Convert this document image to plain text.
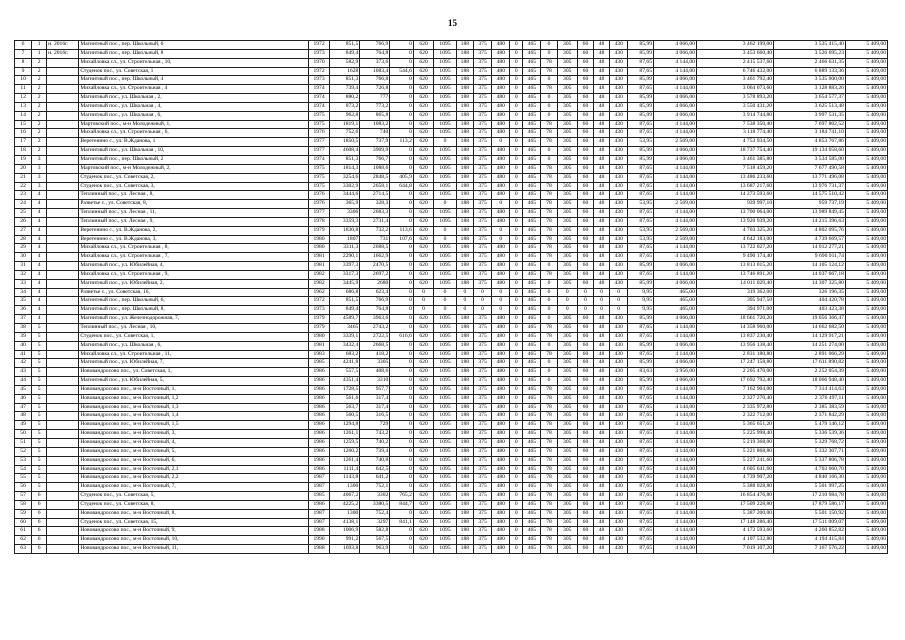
15
6	1	н. 2016г.	Магнитный пос., пер. Школьный, 6	1972	851,5	766,9	0	620	1095	188	375	480	0	465	0	305	60	48	430	85,99	4 066,00	3 462 199,00	3 535 415,40	5 409,00
7	1	н. 2016г.	Магнитный пос., пер. Школьный, 8	1973	849,4	764,8	0	620	1095	188	375	480	0	465	0	305	60	48	430	85,99	4 066,00	3 453 660,40	3 526 695,23	5 409,00
8	2		Михайловка сл., ул. Строительная , 10,	1970	582,9	373,6	0	620	1095	188	375	480	0	465	78	305	60	48	430	87,65	4 144,00	2 415 537,60	2 466 631,35	5 409,00
9	2		Студенок пос., ул. Советская, 1	1972	1628	1083,4	544,6	620	1095	188	375	480	0	465	78	305	60	48	430	87,65	4 144,00	6 746 432,00	6 889 133,36	5 409,00
10	2		Магнитный пос., пер. Школьный, 4	1973	851,3	766,8	0	620	1095	188	375	480	0	465	0	305	60	48	430	85,99	4 066,00	3 461 792,40	3 535 000,00	5 409,00
11	2		Михайловка сл., ул. Строительная , 4	1974	739,4	726,8	0	620	1095	188	375	480	0	465	78	305	60	48	430	87,65	4 144,00	3 064 073,60	3 128 883,26	5 409,00
12	2		Магнитный пос., ул. Школьная , 2,	1974	880,2	777	0	620	1095	188	375	480	0	465	0	305	60	48	430	85,99	4 066,00	3 578 893,20	3 654 577,37	5 409,00
13	2		Магнитный пос., ул. Школьная , 4,	1974	873,2	773,2	0	620	1095	188	375	480	0	465	0	305	60	48	430	85,99	4 066,00	3 550 431,20	3 625 513,48	5 409,00
14	2		Магнитный пос., ул. Школьная , 6,	1975	962,8	865,8	0	620	1095	188	375	480	0	465	0	305	60	48	430	85,99	4 066,00	3 914 744,80	3 997 531,35	5 409,00
15	2		Мартовский пос., м-н Молодежный, 1,	1975	1819,1	1083,2	0	620	1095	188	375	480	0	465	78	305	60	48	430	87,65	4 144,00	7 538 350,40	7 697 802,52	5 409,00
16	2		Михайловка сл., ул. Строительная , 6,	1976	752,6	740	0	620	1095	188	375	480	0	465	78	305	60	48	430	87,65	4 144,00	3 118 774,40	3 184 741,10	5 409,00
17	2		Веретенино с., ул. В.Жданова, 1	1977	1850,5	737,9	113,2	620	0	188	375	0	0	465	78	305	60	48	430	53,95	2 569,00	4 753 934,50	4 853 767,86	5 409,00
18	2		Магнитный пос., ул. Школьная , 10,	1977	4608,4	3909,9	0	620	1095	188	375	480	0	465	0	305	60	48	430	85,99	4 066,00	18 737 754,40	19 134 058,60	5 409,00
19	3		Магнитный пос., пер. Школьный, 2	1974	851,3	766,7	0	620	1095	188	375	480	0	465	0	305	60	48	430	85,99	4 066,00	3 461 385,80	3 534 585,00	5 409,00
20	3		Мартовский пос., м-н Молодежный, 2,	1975	1814,3	1088,6	0	620	1095	188	375	480	0	465	78	305	60	48	430	87,65	4 144,00	7 518 459,20	7 677 490,58	5 409,00
21	3		Студенок пос., ул. Советская, 2,	1975	3254,6	2848,5	405,9	620	1095	188	375	480	0	465	78	305	60	48	430	87,65	4 144,00	13 486 233,60	13 771 496,08	5 409,00
22	3		Студенок пос., ул. Советская, 3,	1975	3302,9	2658,1	644,8	620	1095	188	375	480	0	465	78	305	60	48	430	87,65	4 144,00	13 687 217,60	13 976 731,37	5 409,00
23	4		Теплинный пос., ул. Лесная , 8,	1976	3444,6	2714,5	0	620	1095	188	375	480	0	465	78	305	60	48	430	87,65	4 144,00	14 273 593,60	14 575 510,42	5 409,00
24	4		Разветье с., ул. Советская, 8,	1976	365,9	328,3	0	620	0	188	375	0	0	465	78	305	60	48	430	53,95	2 569,00	939 997,10	959 737,19	5 409,00
25	4		Теплинный пос., ул. Лесная , 11,	1977	3306	2683,3	0	620	1095	188	375	480	0	465	78	305	60	48	430	87,65	4 144,00	13 700 064,00	13 989 849,45	5 409,00
26	4		Теплинный пос., ул. Лесная , 9,	1978	3359,3	2731,4	0	620	1095	188	375	480	0	465	78	305	60	48	430	87,65	4 144,00	13 920 939,20	14 215 396,63	5 409,00
27	4		Веретенино с., ул. В.Жданова, 2,	1979	1830,8	732,2	113,6	620	0	188	375	0	0	465	78	305	60	48	430	53,95	2 569,00	4 703 325,20	4 802 095,76	5 409,00
28	4		Веретенино с., ул. В.Жданова, 3,	1980	1807	731	107,6	620	0	188	375	0	0	465	78	305	60	48	430	53,95	2 569,00	4 642 183,00	4 739 669,57	5 409,00
29	4		Михайловка сл., ул. Строительная , 8,	1980	3311,3	2688,5	0	620	1095	188	375	480	0	465	78	305	60	48	430	87,65	4 144,00	13 722 027,20	14 012 277,21	5 409,00
30	4		Михайловка сл., ул. Строительная , 7,	1981	2290,1	1662,9	0	620	1095	188	375	480	0	465	78	305	60	48	430	87,65	4 144,00	9 490 174,40	9 690 911,74	5 409,00
31	4		Магнитный пос., ул. Юбилейная, 4,	1981	3397,3	2470,5	0	620	1095	188	375	480	0	465	0	305	60	48	430	85,99	4 066,00	13 813 015,20	14 105 124,12	5 409,00
32	4		Михайловка сл., ул. Строительная , 9,	1982	3317,3	2697,2	0	620	1095	188	375	480	0	465	78	305	60	48	430	87,65	4 144,00	13 746 891,20	14 037 667,18	5 409,00
33	4		Магнитный пос., ул. Юбилейная, 2,	1982	3445,9	2680	0	620	1095	188	375	480	0	465	0	305	60	48	430	85,99	4 066,00	14 011 029,40	14 307 325,80	5 409,00
34	4		Разветье с., ул. Советская, 16,	1962	686,8	623,4	0	0	0	0	0	0	0	465	0	0	0	0	0	9,95	465,00	319 362,00	326 196,35	5 409,00
35	4		Магнитный пос., пер. Школьный, 6,	1972	851,5	766,9	0	0	0	0	0	0	0	465	0	0	0	0	0	9,95	465,00	395 947,50	404 420,78	5 409,00
36	4		Магнитный пос., пер. Школьный, 8,	1973	849,4	764,8	0	0	0	0	0	0	0	465	0	0	0	0	0	9,95	465,00	394 971,00	403 423,38	5 409,00
37	4		Магнитный пос., ул. Железнодорожная, 7,	1979	4589,7	3963,6	0	620	1095	188	375	480	0	465	0	305	60	48	430	85,99	4 066,00	18 661 720,20	19 056 366,47	5 409,00
38	5		Теплинный пос., ул. Лесная , 10,	1979	3465	2743,2	0	620	1095	188	375	480	0	465	78	305	60	48	430	87,65	4 144,00	14 358 960,00	14 662 682,50	5 409,00
39	5		Студенок пос., ул. Советская, 1,	1980	3339,1	2722,5	616,6	620	1095	188	375	480	0	465	78	305	60	48	430	87,65	4 144,00	13 837 230,40	14 129 917,21	5 409,00
40	5		Магнитный пос., ул. Школьная , 6,	1981	3432,4	2668,5	0	620	1095	188	375	480	0	465	0	305	60	48	430	85,99	4 066,00	13 956 138,40	14 251 274,00	5 409,00
41	5		Михайловка сл., ул. Строительная , 11,	1983	683,2	418,2	0	620	1095	188	375	480	0	465	78	305	60	48	430	87,65	4 144,00	2 831 180,80	2 891 066,29	5 409,00
42	5		Магнитный пос., ул. Юбилейная, 7,	1985	4241,8	3305	0	620	1095	188	375	480	0	465	0	305	60	48	430	85,99	4 066,00	17 247 158,80	17 611 890,82	5 409,00
43	5		Нововандросово пос., ул. Советская, 1,	1986	557,5	408,6	0	620	1095	188	375	480	0	465	0	305	60	48	430	83,63	3 956,00	2 205 470,00	2 252 054,39	5 409,00
44	5		Магнитный пос., ул. Юбилейная, 5,	1986	4351,4	3310	0	620	1095	188	375	480	0	465	0	305	60	48	430	85,99	4 066,00	17 692 792,40	18 066 948,40	5 409,00
45	5		Нововандросово пос., м-н Восточный, 1,	1986	1728,5	957,7	0	620	1095	188	375	480	0	465	78	305	60	48	430	87,65	4 144,00	7 162 904,00	7 314 414,63	5 409,00
46	5		Нововандросово пос., м-н Восточный, 1,2	1986	561,6	317,4	0	620	1095	188	375	480	0	465	78	305	60	48	430	87,65	4 144,00	2 327 270,40	2 376 497,11	5 409,00
47	5		Нововандросово пос., м-н Восточный, 1,3	1986	563,7	317,4	0	620	1095	188	375	480	0	465	78	305	60	48	430	87,65	4 144,00	2 335 972,80	2 385 383,59	5 409,00
48	5		Нововандросово пос., м-н Восточный, 1,4	1986	560,5	316,5	0	620	1095	188	375	480	0	465	78	305	60	48	430	87,65	4 144,00	2 322 712,00	2 371 842,29	5 409,00
49	5		Нововандросово пос., м-н Восточный, 1,5	1986	1294,8	729	0	620	1095	188	375	480	0	465	78	305	60	48	430	87,65	4 144,00	5 365 651,20	5 479 146,12	5 409,00
50	5		Нововандросово пос., м-н Восточный, 3,	1986	1261,1	743,2	0	620	1095	188	375	480	0	465	78	305	60	48	430	87,65	4 144,00	5 225 998,40	5 336 539,36	5 409,00
51	5		Нововандросово пос., м-н Восточный, 4,	1986	1259,5	740,2	0	620	1095	188	375	480	0	465	78	305	60	48	430	87,65	4 144,00	5 219 368,00	5 329 768,72	5 409,00
52	5		Нововандросово пос., м-н Восточный, 5,	1986	1260,2	739,4	0	620	1095	188	375	480	0	465	78	305	60	48	430	87,65	4 144,00	5 221 868,80	5 332 307,71	5 409,00
53	5		Нововандросово пос., м-н Восточный, 6,	1986	1261,4	740,8	0	620	1095	188	375	480	0	465	78	305	60	48	430	87,65	4 144,00	5 227 241,60	5 337 806,78	5 409,00
54	5		Нововандросово пос., м-н Восточный, 2,1	1986	1111,4	642,5	0	620	1095	188	375	480	0	465	78	305	60	48	430	87,65	4 144,00	4 605 641,60	4 703 060,70	5 409,00
55	5		Нововандросово пос., м-н Восточный, 2,2	1987	1143,8	641,2	0	620	1095	188	375	480	0	465	78	305	60	48	430	87,65	4 144,00	4 739 907,20	4 840 166,30	5 409,00
56	5		Нововандросово пос., м-н Восточный, 7,	1987	1300	752,1	0	620	1095	188	375	480	0	465	78	305	60	48	430	87,65	4 144,00	5 388 028,80	5 501 997,25	5 409,00
57	6		Студенок пос., ул. Советская, 5,	1985	4067,2	3302	765,2	620	1095	188	375	480	0	465	78	305	60	48	430	87,65	4 144,00	16 854 476,80	17 210 984,78	5 409,00
58	6		Студенок пос., ул. Советская, 8,	1986	4225,2	3380,5	844,7	620	1095	188	375	480	0	465	78	305	60	48	430	87,65	4 144,00	17 509 228,80	17 879 586,17	5 409,00
59	6		Нововандросово пос., м-н Восточный, 8,	1987	1300	752,4	0	620	1095	188	375	480	0	465	78	305	60	48	430	87,65	4 144,00	5 387 200,00	5 501 150,92	5 409,00
60	6		Студенок пос., ул. Советская, 15,	1987	4138,1	3297	841,1	620	1095	188	375	480	0	465	78	305	60	48	430	87,65	4 144,00	17 148 286,40	17 511 009,07	5 409,00
61	6		Нововандросово пос., м-н Восточный, 9,	1988	1006,9	582,8	0	620	1095	188	375	480	0	465	78	305	60	48	430	87,65	4 144,00	4 172 593,60	4 260 852,82	5 409,00
62	6		Нововандросово пос., м-н Восточный, 10,	1990	991,2	567,5	0	620	1095	188	375	480	0	465	78	305	60	48	430	87,65	4 144,00	4 107 532,80	4 194 415,84	5 409,00
63	6		Нововандросово пос., м-н Восточный, 11,	1988	1693,8	963,9	0	620	1095	188	375	480	0	465	78	305	60	48	430	87,65	4 144,00	7 019 107,20	7 167 576,22	5 409,00
